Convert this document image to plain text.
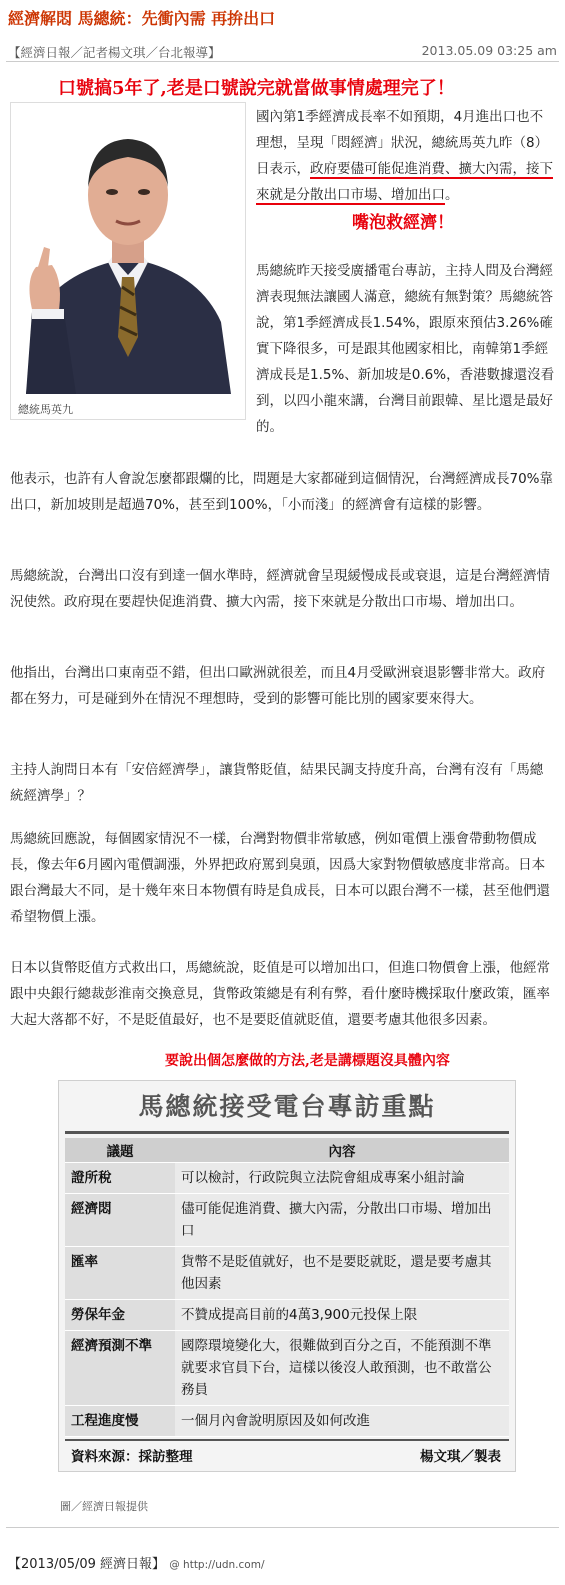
經濟解悶 馬總統：先衝內需 再拚出口
【經濟日報／記者楊文琪／台北報導】	2013.05.09 03:25 am
口號搞5年了,老是口號說完就當做事情處理完了！
總統馬英九
國內第1季經濟成長率不如預期，4月進出口也不理想，呈現「悶經濟」狀況，總統馬英九昨（8）日表示，政府要儘可能促進消費、擴大內需，接下來就是分散出口市場、增加出口。
嘴泡救經濟！
馬總統昨天接受廣播電台專訪，主持人問及台灣經濟表現無法讓國人滿意，總統有無對策？馬總統答說，第1季經濟成長1.54%，跟原來預估3.26%確實下降很多，可是跟其他國家相比，南韓第1季經濟成長是1.5%、新加坡是0.6%，香港數據還沒看到，以四小龍來講，台灣目前跟韓、星比還是最好的。
他表示，也許有人會說怎麼都跟爛的比，問題是大家都碰到這個情況，台灣經濟成長70%靠出口，新加坡則是超過70%，甚至到100%，「小而淺」的經濟會有這樣的影響。
馬總統說，台灣出口沒有到達一個水準時，經濟就會呈現緩慢成長或衰退，這是台灣經濟情況使然。政府現在要趕快促進消費、擴大內需，接下來就是分散出口市場、增加出口。
他指出，台灣出口東南亞不錯，但出口歐洲就很差，而且4月受歐洲衰退影響非常大。政府都在努力，可是碰到外在情況不理想時，受到的影響可能比別的國家要來得大。
主持人詢問日本有「安倍經濟學」，讓貨幣貶值，結果民調支持度升高，台灣有沒有「馬總統經濟學」？
馬總統回應說，每個國家情況不一樣，台灣對物價非常敏感，例如電價上漲會帶動物價成長，像去年6月國內電價調漲，外界把政府罵到臭頭，因爲大家對物價敏感度非常高。日本跟台灣最大不同，是十幾年來日本物價有時是負成長，日本可以跟台灣不一樣，甚至他們還希望物價上漲。
日本以貨幣貶值方式救出口，馬總統說，貶值是可以增加出口，但進口物價會上漲，他經常跟中央銀行總裁彭淮南交換意見，貨幣政策總是有利有弊，看什麼時機採取什麼政策，匯率大起大落都不好，不是貶值最好，也不是要貶值就貶值，還要考慮其他很多因素。
要說出個怎麼做的方法,老是講標題沒具體內容
馬總統接受電台專訪重點
議題	內容
證所稅	可以檢討，行政院與立法院會組成專案小組討論
經濟悶	儘可能促進消費、擴大內需，分散出口市場、增加出口
匯率	貨幣不是貶值就好，也不是要貶就貶，還是要考慮其他因素
勞保年金	不贊成提高目前的4萬3,900元投保上限
經濟預測不準	國際環境變化大，很難做到百分之百，不能預測不準就要求官員下台，這樣以後沒人敢預測，也不敢當公務員
工程進度慢	一個月內會說明原因及如何改進
資料來源：採訪整理	楊文琪／製表
圖／經濟日報提供
【2013/05/09 經濟日報】 @ http://udn.com/
